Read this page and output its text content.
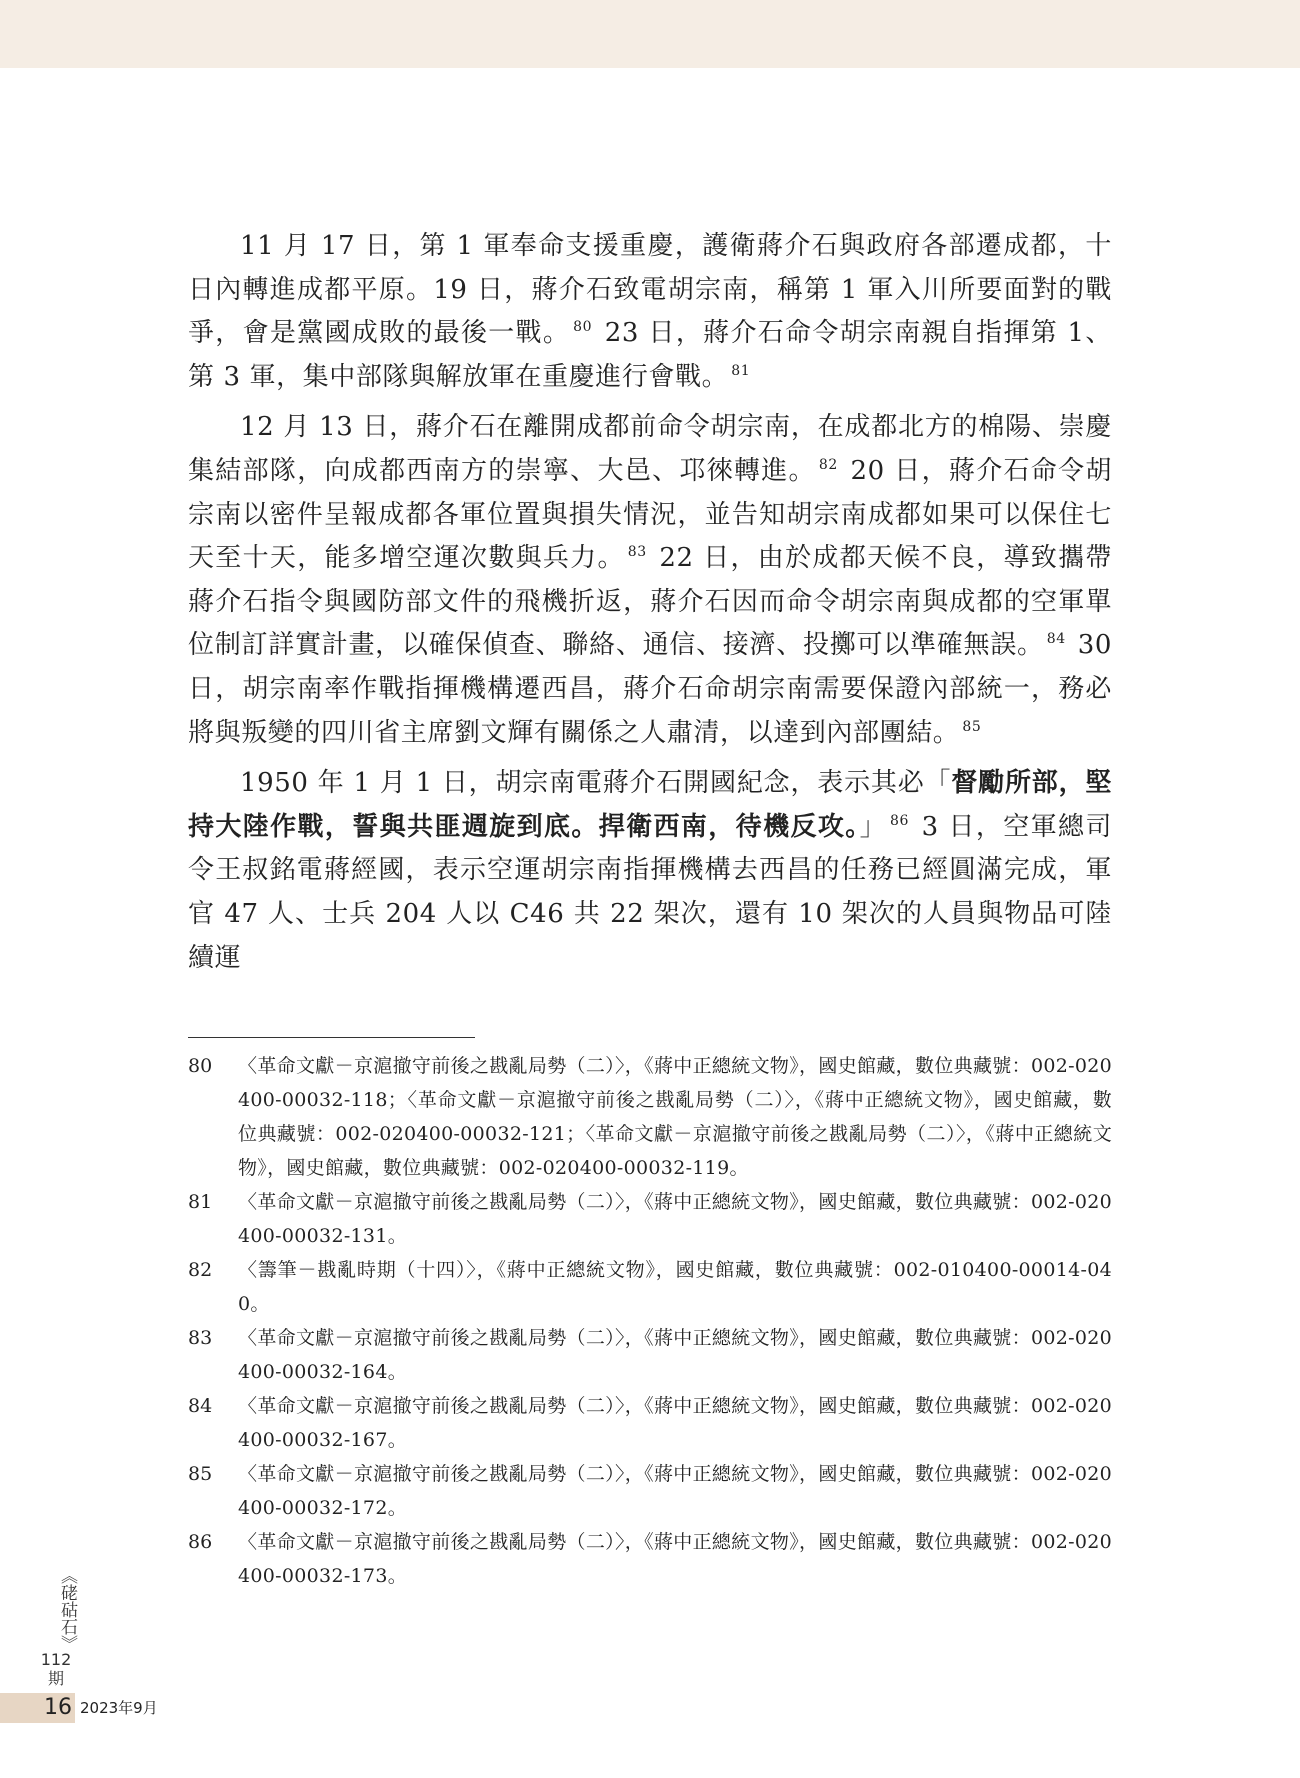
11 月 17 日，第 1 軍奉命支援重慶，護衛蔣介石與政府各部遷成都，十日內轉進成都平原。19 日，蔣介石致電胡宗南，稱第 1 軍入川所要面對的戰爭，會是黨國成敗的最後一戰。 $^{80}$ 23 日，蔣介石命令胡宗南親自指揮第 1、第 3 軍，集中部隊與解放軍在重慶進行會戰。 $^{81}$

12 月 13 日，蔣介石在離開成都前命令胡宗南，在成都北方的棉陽、崇慶集結部隊，向成都西南方的崇寧、大邑、邛徠轉進。 $^{82}$ 20 日，蔣介石命令胡宗南以密件呈報成都各軍位置與損失情況，並告知胡宗南成都如果可以保住七天至十天，能多增空運次數與兵力。 $^{83}$ 22 日，由於成都天候不良，導致攜帶蔣介石指令與國防部文件的飛機折返，蔣介石因而命令胡宗南與成都的空軍單位制訂詳實計畫，以確保偵查、聯絡、通信、接濟、投擲可以準確無誤。 $^{84}$ 30 日，胡宗南率作戰指揮機構遷西昌，蔣介石命胡宗南需要保證內部統一，務必將與叛變的四川省主席劉文輝有關係之人肅清，以達到內部團結。 $^{85}$

1950 年 1 月 1 日，胡宗南電蔣介石開國紀念，表示其必「督勵所部，堅持大陸作戰，誓與共匪週旋到底。捍衛西南，待機反攻。」 $^{86}$ 3 日，空軍總司令王叔銘電蔣經國，表示空運胡宗南指揮機構去西昌的任務已經圓滿完成，軍官 47 人、士兵 204 人以 C46 共 22 架次，還有 10 架次的人員與物品可陸續運

80	〈革命文獻－京滬撤守前後之戡亂局勢（二）〉，《蔣中正總統文物》，國史館藏，數位典藏號：002-020400-00032-118；〈革命文獻－京滬撤守前後之戡亂局勢（二）〉，《蔣中正總統文物》，國史館藏，數位典藏號：002-020400-00032-121；〈革命文獻－京滬撤守前後之戡亂局勢（二）〉，《蔣中正總統文物》，國史館藏，數位典藏號：002-020400-00032-119。
81	〈革命文獻－京滬撤守前後之戡亂局勢（二）〉，《蔣中正總統文物》，國史館藏，數位典藏號：002-020400-00032-131。
82	〈籌筆－戡亂時期（十四）〉，《蔣中正總統文物》，國史館藏，數位典藏號：002-010400-00014-040。
83	〈革命文獻－京滬撤守前後之戡亂局勢（二）〉，《蔣中正總統文物》，國史館藏，數位典藏號：002-020400-00032-164。
84	〈革命文獻－京滬撤守前後之戡亂局勢（二）〉，《蔣中正總統文物》，國史館藏，數位典藏號：002-020400-00032-167。
85	〈革命文獻－京滬撤守前後之戡亂局勢（二）〉，《蔣中正總統文物》，國史館藏，數位典藏號：002-020400-00032-172。
86	〈革命文獻－京滬撤守前後之戡亂局勢（二）〉，《蔣中正總統文物》，國史館藏，數位典藏號：002-020400-00032-173。
《硓𥑮石》
112
期
16 2023年9月
